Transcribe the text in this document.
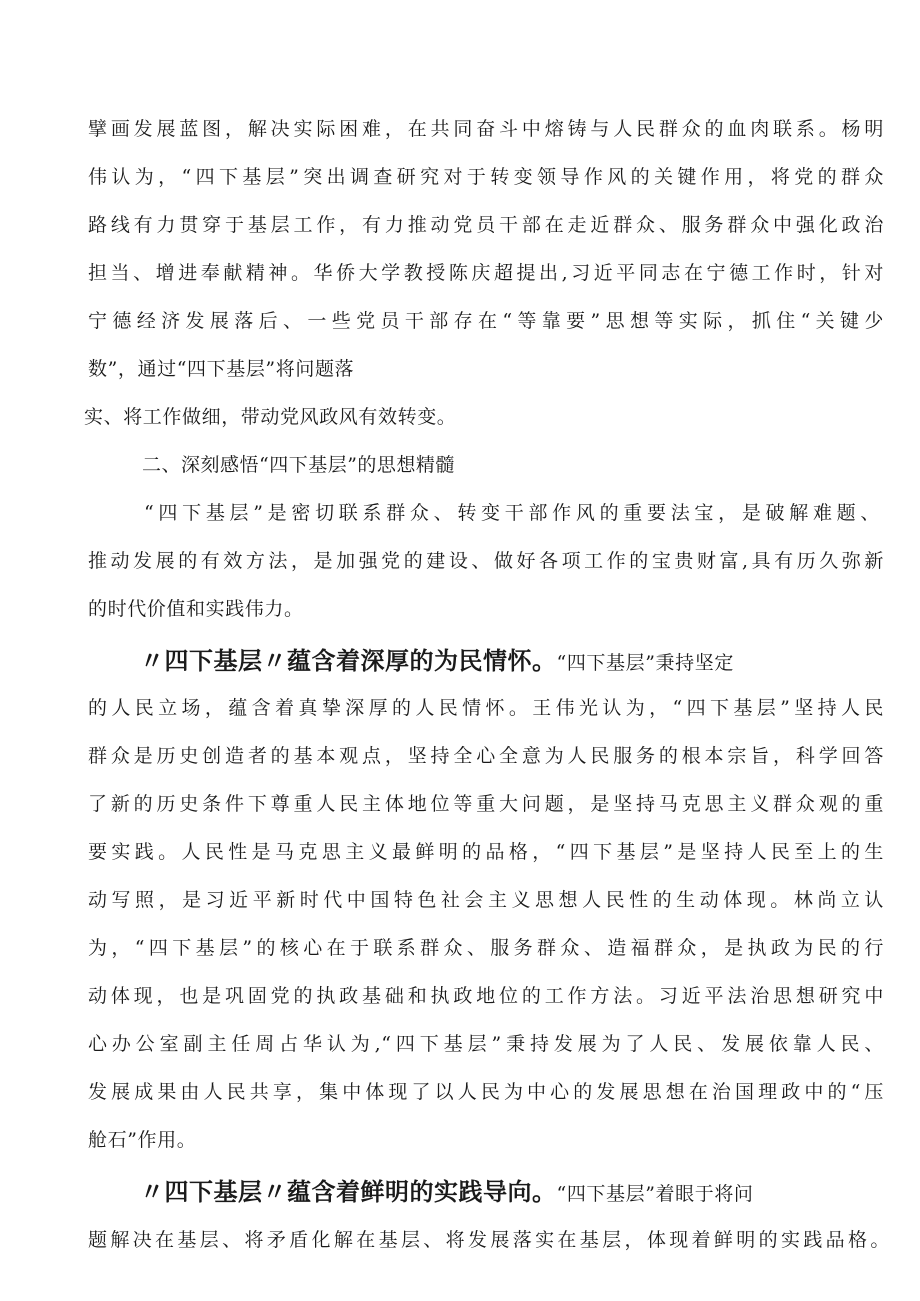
擘画发展蓝图，解决实际困难，在共同奋斗中熔铸与人民群众的血肉联系。杨明
伟认为，“四下基层”突出调查研究对于转变领导作风的关键作用，将党的群众
路线有力贯穿于基层工作，有力推动党员干部在走近群众、服务群众中强化政治
担当、增进奉献精神。华侨大学教授陈庆超提出,习近平同志在宁德工作时，针对
宁德经济发展落后、一些党员干部存在“等靠要”思想等实际，抓住“关键少
数”，通过“四下基层”将问题落
实、将工作做细，带动党风政风有效转变。
二、深刻感悟“四下基层”的思想精髓
“四下基层”是密切联系群众、转变干部作风的重要法宝，是破解难题、
推动发展的有效方法，是加强党的建设、做好各项工作的宝贵财富,具有历久弥新
的时代价值和实践伟力。
〃四下基层〃蕴含着深厚的为民情怀。“四下基层”秉持坚定
的人民立场，蕴含着真挚深厚的人民情怀。王伟光认为，“四下基层”坚持人民
群众是历史创造者的基本观点，坚持全心全意为人民服务的根本宗旨，科学回答
了新的历史条件下尊重人民主体地位等重大问题，是坚持马克思主义群众观的重
要实践。人民性是马克思主义最鲜明的品格，“四下基层”是坚持人民至上的生
动写照，是习近平新时代中国特色社会主义思想人民性的生动体现。林尚立认
为，“四下基层”的核心在于联系群众、服务群众、造福群众，是执政为民的行
动体现，也是巩固党的执政基础和执政地位的工作方法。习近平法治思想研究中
心办公室副主任周占华认为,“四下基层”秉持发展为了人民、发展依靠人民、
发展成果由人民共享，集中体现了以人民为中心的发展思想在治国理政中的“压
舱石”作用。
〃四下基层〃蕴含着鲜明的实践导向。“四下基层”着眼于将问
题解决在基层、将矛盾化解在基层、将发展落实在基层，体现着鲜明的实践品格。
